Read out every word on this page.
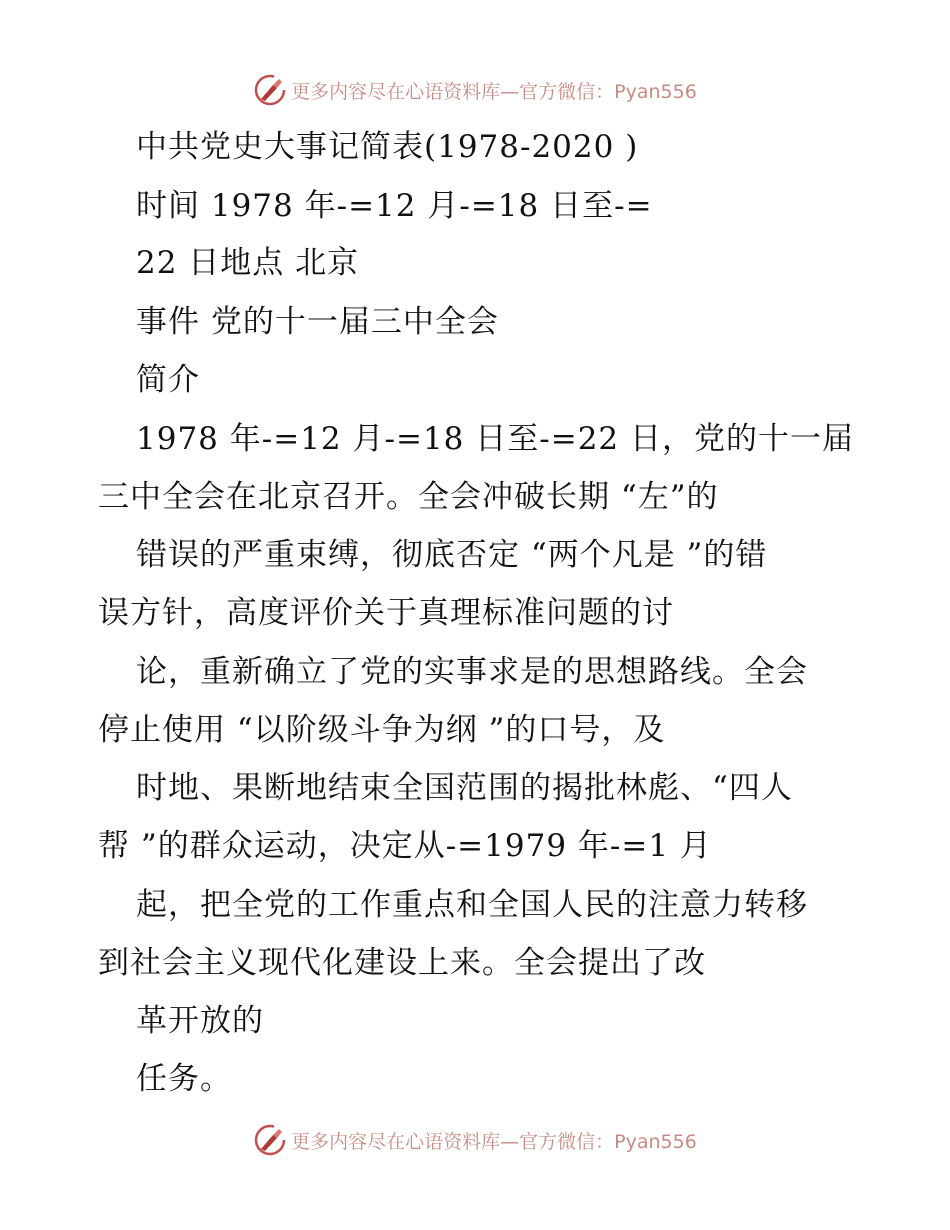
更多内容尽在心语资料库—官方微信：Pyan556
中共党史大事记简表(1978-2020 )
时间 1978 年-=12 月-=18 日至-=
22 日地点 北京
事件 党的十一届三中全会
简介
1978 年-=12 月-=18 日至-=22 日，党的十一届
三中全会在北京召开。全会冲破长期 “左”的
错误的严重束缚，彻底否定 “两个凡是 ”的错
误方针，高度评价关于真理标准问题的讨
论，重新确立了党的实事求是的思想路线。全会
停止使用 “以阶级斗争为纲 ”的口号，及
时地、果断地结束全国范围的揭批林彪、“四人
帮 ”的群众运动，决定从-=1979 年-=1 月
起，把全党的工作重点和全国人民的注意力转移
到社会主义现代化建设上来。全会提出了改
革开放的
任务。
更多内容尽在心语资料库—官方微信：Pyan556
